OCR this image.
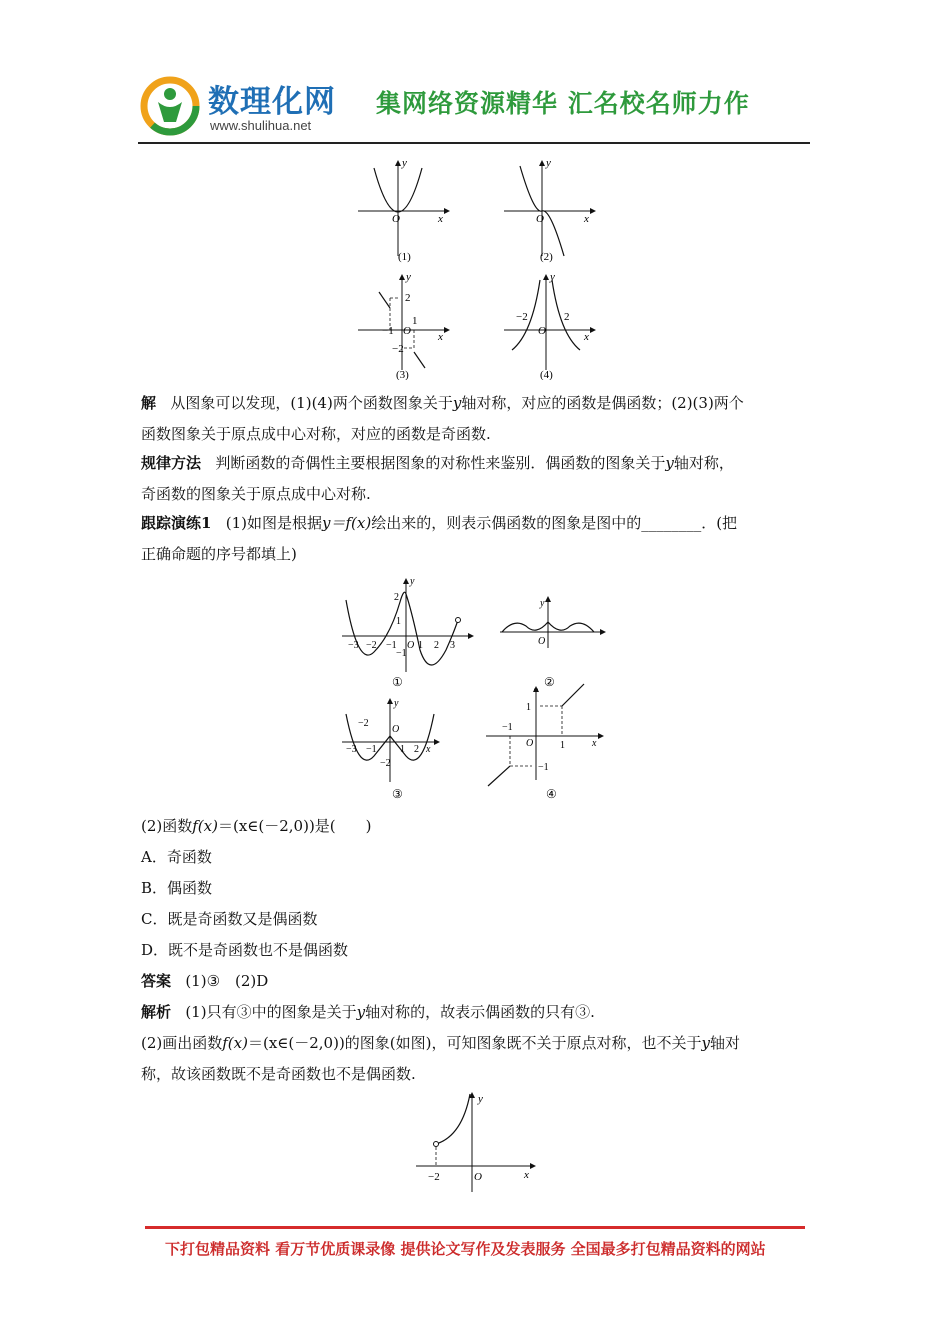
数理化网
www.shulihua.net
集网络资源精华 汇名校名师力作
O	x
y
(1)
O	x
y
(2)
2
1
−1
−2
O x
y
(3)
−2	2
O	x
y
(4)
解 从图象可以发现，(1)(4)两个函数图象关于y轴对称，对应的函数是偶函数；(2)(3)两个
函数图象关于原点成中心对称，对应的函数是奇函数.
规律方法 判断函数的奇偶性主要根据图象的对称性来鉴别．偶函数的图象关于y轴对称，
奇函数的图象关于原点成中心对称.
跟踪演练1 (1)如图是根据y＝f(x)绘出来的，则表示偶函数的图象是图中的________．(把
正确命题的序号都填上)
2
1
−1
−3 −2 −1 1 2 3
O
y
①
O
y
②
−2
O
−3 −1 1 2
−2
x
y
③
1
−1
O	1
−1
x
④
(2)函数f(x)＝(x∈(－2,0))是(　　)
A．奇函数
B．偶函数
C．既是奇函数又是偶函数
D．既不是奇函数也不是偶函数
答案 (1)③　(2)D
解析 (1)只有③中的图象是关于y轴对称的，故表示偶函数的只有③.
(2)画出函数f(x)＝(x∈(－2,0))的图象(如图)，可知图象既不关于原点对称，也不关于y轴对
称，故该函数既不是奇函数也不是偶函数.
−2	O	x
y
下打包精品资料 看万节优质课录像 提供论文写作及发表服务 全国最多打包精品资料的网站
